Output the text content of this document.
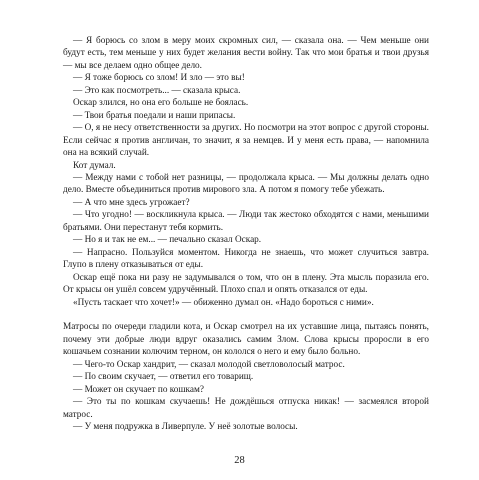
— Я борюсь со злом в меру моих скромных сил, — сказала она. — Чем меньше они будут есть, тем меньше у них будет желания вести войну. Так что мои братья и твои друзья — мы все делаем одно общее дело.

— Я тоже борюсь со злом! И зло — это вы!

— Это как посмотреть... — сказала крыса.

Оскар злился, но она его больше не боялась.

— Твои братья поедали и наши припасы.

— О, я не несу ответственности за других. Но посмотри на этот вопрос с другой стороны. Если сейчас я против англичан, то значит, я за немцев. И у меня есть права, — напомнила она на всякий случай.

Кот думал.

— Между нами с тобой нет разницы, — продолжала крыса. — Мы должны делать одно дело. Вместе объединиться против мирового зла. А потом я помогу тебе убежать.

— А что мне здесь угрожает?

— Что угодно! — воскликнула крыса. — Люди так жестоко обходятся с нами, меньшими братьями. Они перестанут тебя кормить.

— Но я и так не ем... — печально сказал Оскар.

— Напрасно. Пользуйся моментом. Никогда не знаешь, что может случиться завтра. Глупо в плену отказываться от еды.

Оскар ещё пока ни разу не задумывался о том, что он в плену. Эта мысль поразила его. От крысы он ушёл совсем удручённый. Плохо спал и опять отказался от еды.

«Пусть таскает что хочет!» — обиженно думал он. «Надо бороться с ними».

Матросы по очереди гладили кота, и Оскар смотрел на их уставшие лица, пытаясь понять, почему эти добрые люди вдруг оказались самим Злом. Слова крысы проросли в его кошачьем сознании колючим терном, он кололся о него и ему было больно.

— Чего-то Оскар хандрит, — сказал молодой светловолосый матрос.

— По своим скучает, — ответил его товарищ.

— Может он скучает по кошкам?

— Это ты по кошкам скучаешь! Не дождёшься отпуска никак! — засмеялся второй матрос.

— У меня подружка в Ливерпуле. У неё золотые волосы.

28
